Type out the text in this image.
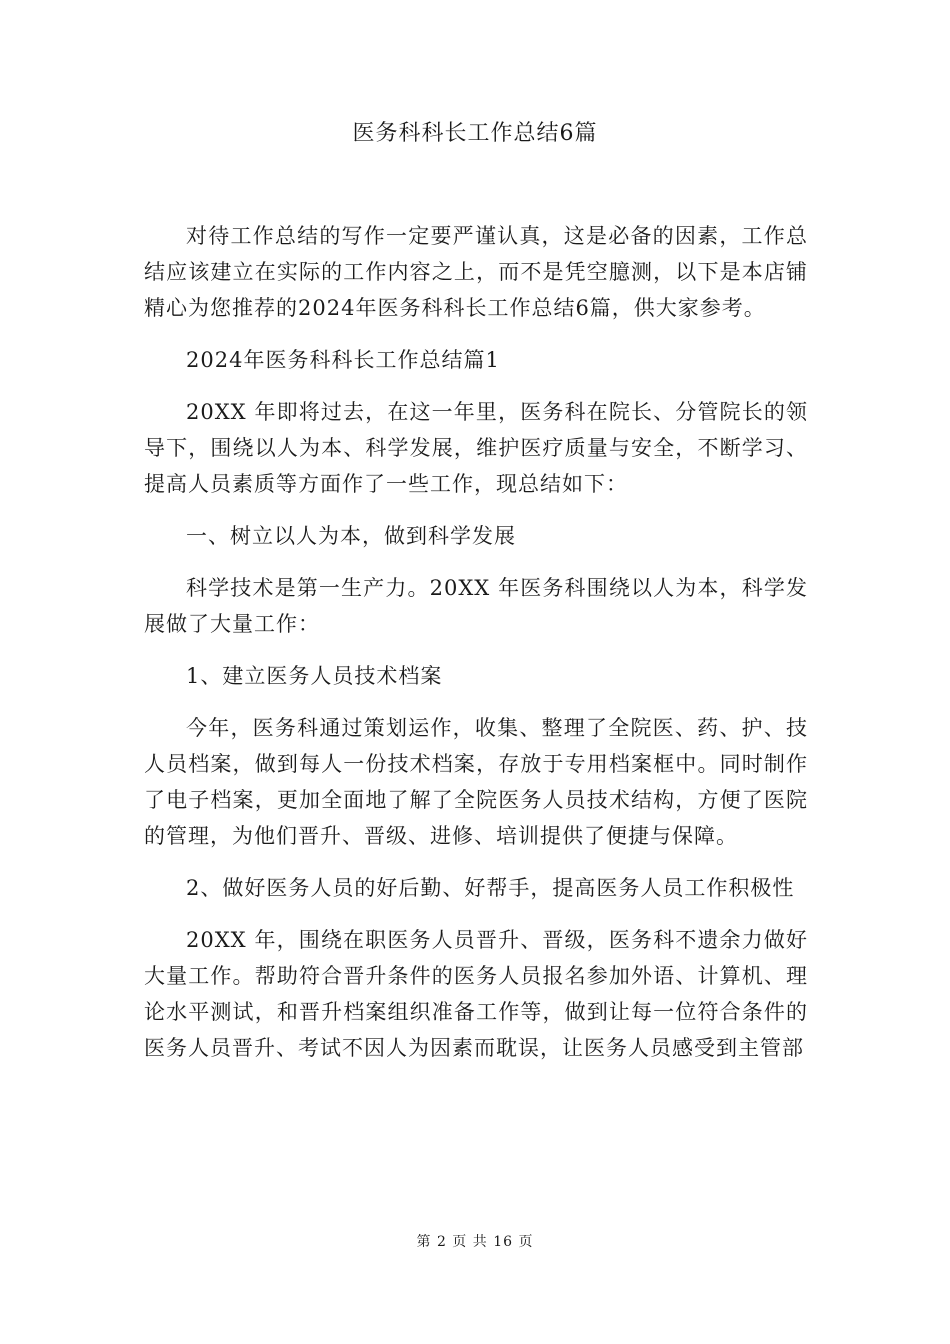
医务科科长工作总结6篇

对待工作总结的写作一定要严谨认真，这是必备的因素，工作总结应该建立在实际的工作内容之上，而不是凭空臆测，以下是本店铺精心为您推荐的2024年医务科科长工作总结6篇，供大家参考。

2024年医务科科长工作总结篇1

20XX 年即将过去，在这一年里，医务科在院长、分管院长的领导下，围绕以人为本、科学发展，维护医疗质量与安全，不断学习、提高人员素质等方面作了一些工作，现总结如下：

一、树立以人为本，做到科学发展

科学技术是第一生产力。20XX 年医务科围绕以人为本，科学发展做了大量工作：

1、建立医务人员技术档案

今年，医务科通过策划运作，收集、整理了全院医、药、护、技人员档案，做到每人一份技术档案，存放于专用档案框中。同时制作了电子档案，更加全面地了解了全院医务人员技术结构，方便了医院的管理，为他们晋升、晋级、进修、培训提供了便捷与保障。

2、做好医务人员的好后勤、好帮手，提高医务人员工作积极性

20XX 年，围绕在职医务人员晋升、晋级，医务科不遗余力做好大量工作。帮助符合晋升条件的医务人员报名参加外语、计算机、理论水平测试，和晋升档案组织准备工作等，做到让每一位符合条件的医务人员晋升、考试不因人为因素而耽误，让医务人员感受到主管部

第 2 页 共 16 页
